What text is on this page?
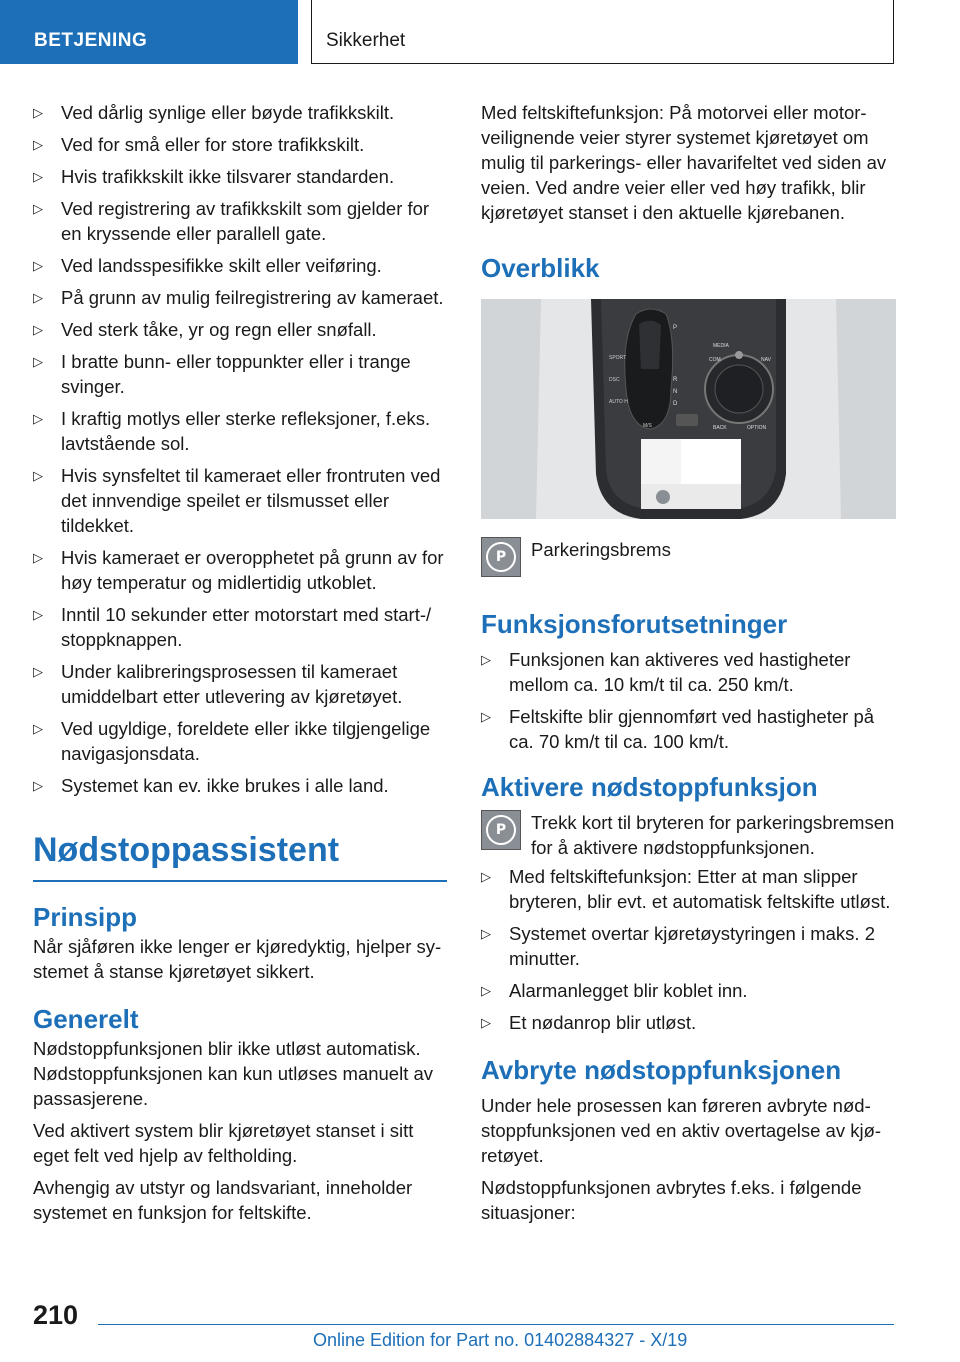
BETJENING	Sikkerhet
▷ Ved dårlig synlige eller bøyde trafikkskilt.
▷ Ved for små eller for store trafikkskilt.
▷ Hvis trafikkskilt ikke tilsvarer standarden.
▷ Ved registrering av trafikkskilt som gjelder for en kryssende eller parallell gate.
▷ Ved landsspesifikke skilt eller veiføring.
▷ På grunn av mulig feilregistrering av kameraet.
▷ Ved sterk tåke, yr og regn eller snøfall.
▷ I bratte bunn- eller toppunkter eller i trange svinger.
▷ I kraftig motlys eller sterke refleksjoner, f.eks. lavtstående sol.
▷ Hvis synsfeltet til kameraet eller frontruten ved det innvendige speilet er tilsmusset eller tildekket.
▷ Hvis kameraet er overopphetet på grunn av for høy temperatur og midlertidig utkoblet.
▷ Inntil 10 sekunder etter motorstart med start-/ stoppknappen.
▷ Under kalibreringsprosessen til kameraet umiddelbart etter utlevering av kjøretøyet.
▷ Ved ugyldige, foreldete eller ikke tilgjengelige navigasjonsdata.
▷ Systemet kan ev. ikke brukes i alle land.
Nødstoppassistent
Prinsipp

Når sjåføren ikke lenger er kjøredyktig, hjelper systemet å stanse kjøretøyet sikkert.

Generelt

Nødstoppfunksjonen blir ikke utløst automatisk. Nødstoppfunksjonen kan kun utløses manuelt av passasjerene.

Ved aktivert system blir kjøretøyet stanset i sitt eget felt ved hjelp av feltholding.

Avhengig av utstyr og landsvariant, inneholder systemet en funksjon for feltskifte.

Med feltskiftefunksjon: På motorvei eller motorveilignende veier styrer systemet kjøretøyet om mulig til parkerings- eller havarifeltet ved siden av veien. Ved andre veier eller ved høy trafikk, blir kjøretøyet stanset i den aktuelle kjørebanen.

Overblikk
MEDIA
COM	NAV
BACK	OPTION
SPORT
DSC
AUTO H
P
R
N
D
M/S
P	Parkeringsbrems
Funksjonsforutsetninger
▷ Funksjonen kan aktiveres ved hastigheter mellom ca. 10 km/t til ca. 250 km/t.
▷ Feltskifte blir gjennomført ved hastigheter på ca. 70 km/t til ca. 100 km/t.
Aktivere nødstoppfunksjon
P	Trekk kort til bryteren for parkeringsbremsen for å aktivere nødstoppfunksjonen.
▷ Med feltskiftefunksjon: Etter at man slipper bryteren, blir evt. et automatisk feltskifte utløst.
▷ Systemet overtar kjøretøystyringen i maks. 2 minutter.
▷ Alarmanlegget blir koblet inn.
▷ Et nødanrop blir utløst.
Avbryte nødstoppfunksjonen

Under hele prosessen kan føreren avbryte nødstoppfunksjonen ved en aktiv overtagelse av kjøretøyet.

Nødstoppfunksjonen avbrytes f.eks. i følgende situasjoner:

210
Online Edition for Part no. 01402884327 - X/19
